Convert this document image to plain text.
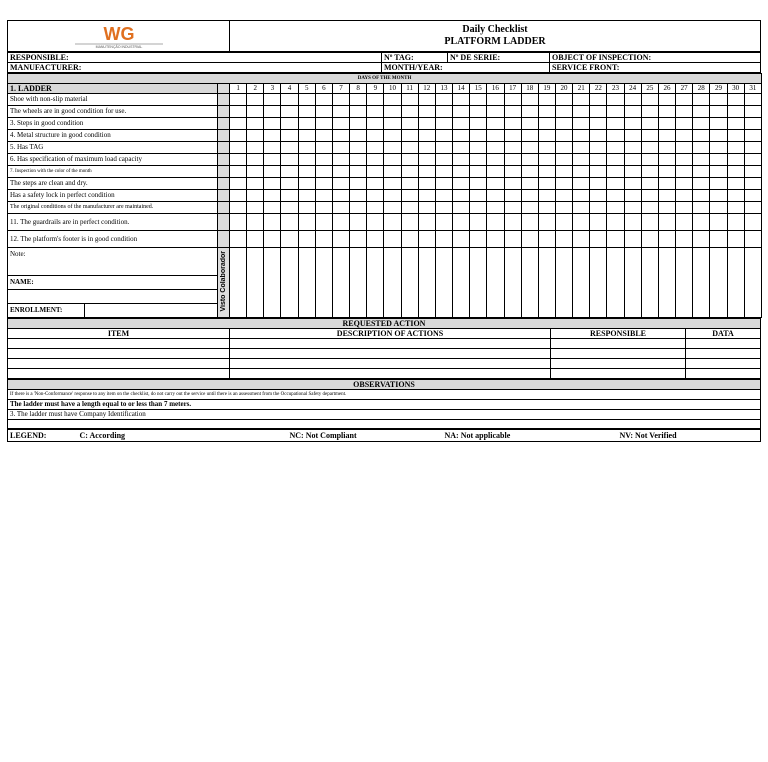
WG
MANUTENÇÃO INDUSTRIAL

Daily Checklist
PLATFORM LADDER
RESPONSIBLE:	Nº TAG:	Nº DE SERIE:	OBJECT OF INSPECTION:
MANUFACTURER:	MONTH/YEAR:		SERVICE FRONT:
DAYS OF THE MONTH																																
1. LADDER		1	2	3	4	5	6	7	8	9	10	11	12	13	14	15	16	17	18	19	20	21	22	23	24	25	26	27	28	29	30	31
Shoe with non-slip material																																
The wheels are in good condition for use.																																
3. Steps in good condition																																
4. Metal structure in good condition																																
5. Has TAG																																
6. Has specification of maximum load capacity																																
7. Inspection with the color of the month																																
The steps are clean and dry.																																
Has a safety lock in perfect condition																																
The original conditions of the manufacturer are maintained.																																
11. The guardrails are in perfect condition.																																
12. The platform's footer is in good condition																																
Note:	Visto Colaborador																															
NAME:																																

ENROLLMENT:																																
REQUESTED ACTION			
ITEM	DESCRIPTION OF ACTIONS	RESPONSIBLE	DATA

OBSERVATIONS
If there is a 'Non-Conformance' response to any item on the checklist, do not carry out the service until there is an assessment from the Occupational Safety department.
The ladder must have a length equal to or less than 7 meters.
3. The ladder must have Company Identification

LEGEND:	C: According	NC: Not Compliant	NA: Not applicable	NV: Not Verified
